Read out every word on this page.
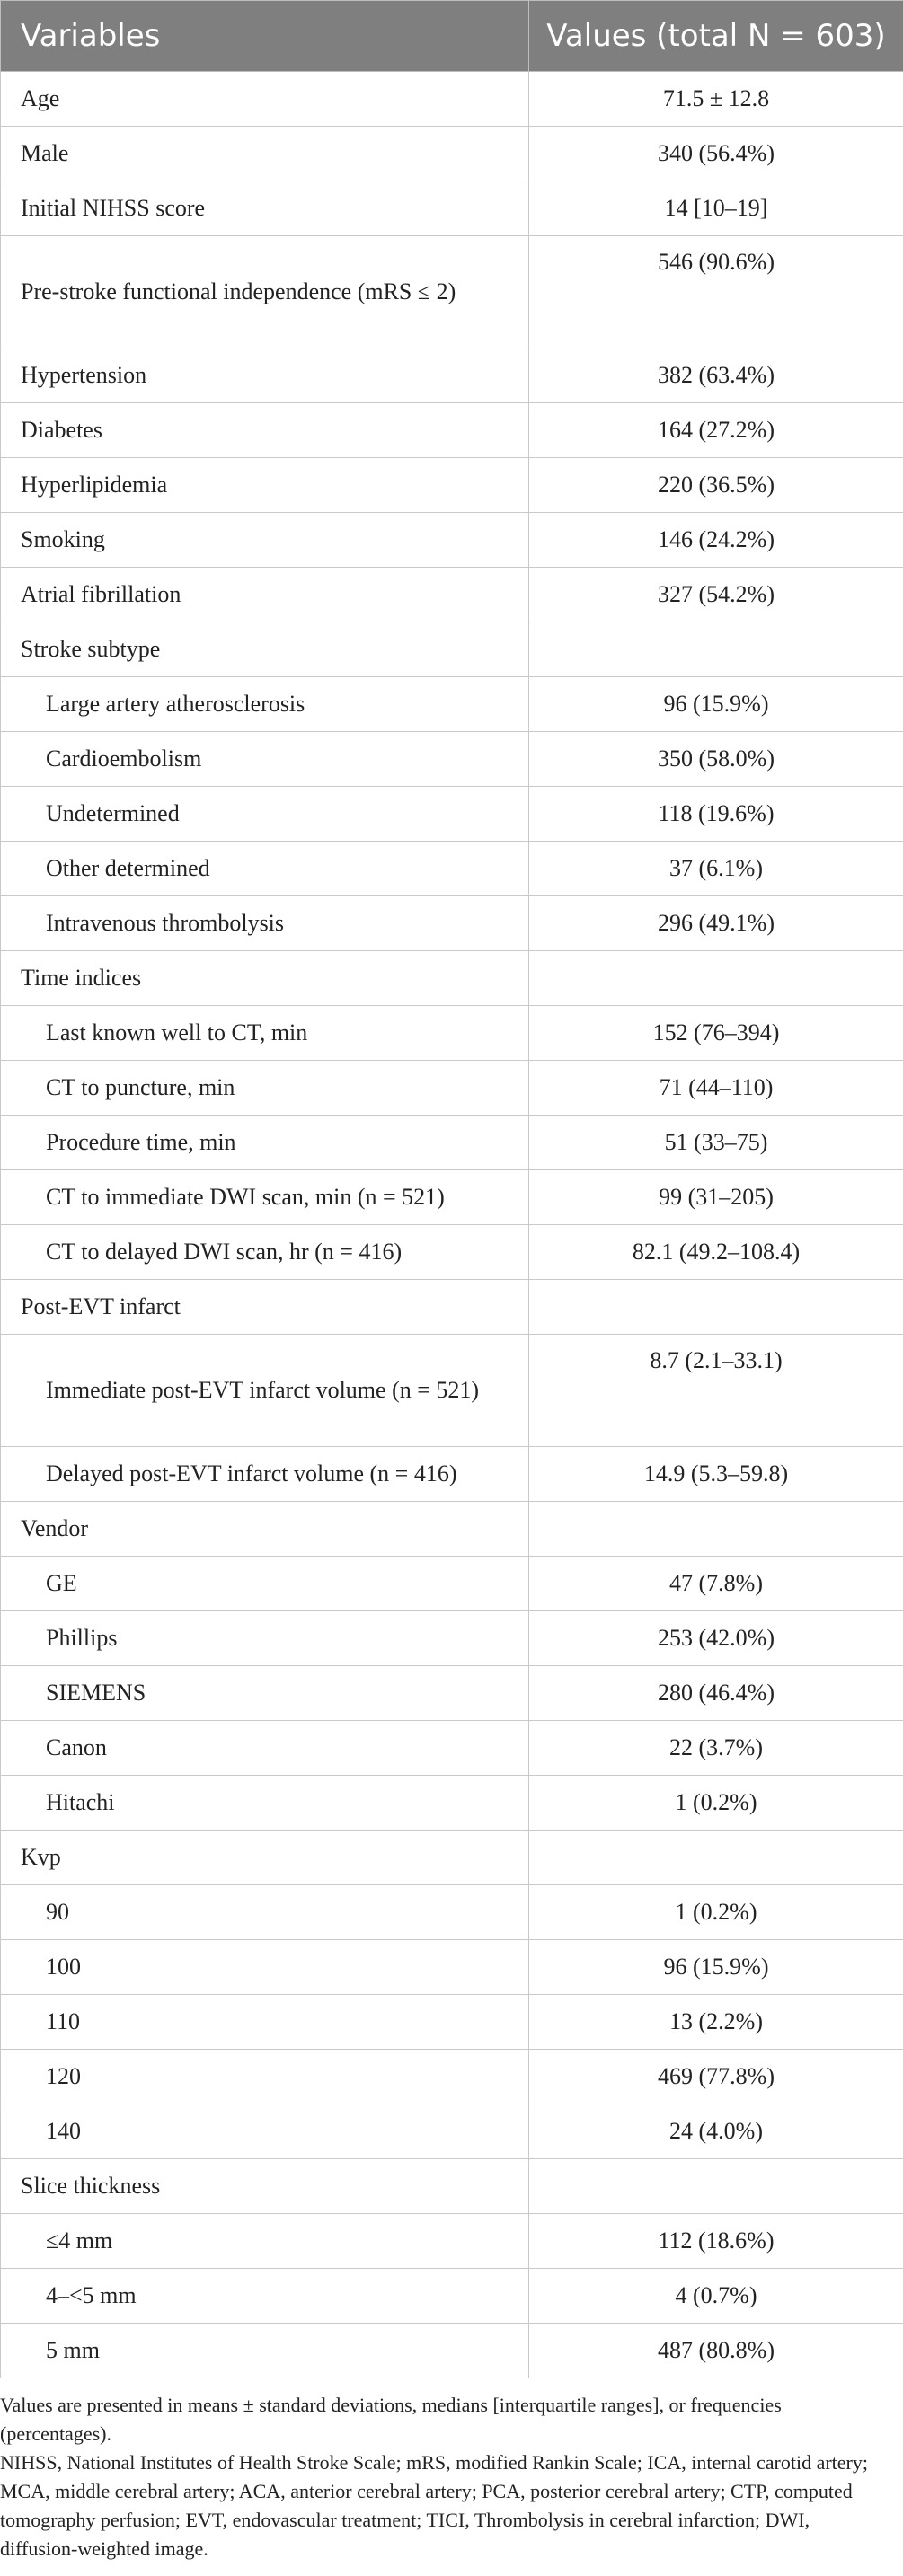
Variables	Values (total N = 603)
Age	71.5 ± 12.8
Male	340 (56.4%)
Initial NIHSS score	14 [10–19]
Pre-stroke functional independence (mRS ≤ 2)	546 (90.6%)
Hypertension	382 (63.4%)
Diabetes	164 (27.2%)
Hyperlipidemia	220 (36.5%)
Smoking	146 (24.2%)
Atrial fibrillation	327 (54.2%)
Stroke subtype	
Large artery atherosclerosis	96 (15.9%)
Cardioembolism	350 (58.0%)
Undetermined	118 (19.6%)
Other determined	37 (6.1%)
Intravenous thrombolysis	296 (49.1%)
Time indices	
Last known well to CT, min	152 (76–394)
CT to puncture, min	71 (44–110)
Procedure time, min	51 (33–75)
CT to immediate DWI scan, min (n = 521)	99 (31–205)
CT to delayed DWI scan, hr (n = 416)	82.1 (49.2–108.4)
Post-EVT infarct	
Immediate post-EVT infarct volume (n = 521)	8.7 (2.1–33.1)
Delayed post-EVT infarct volume (n = 416)	14.9 (5.3–59.8)
Vendor	
GE	47 (7.8%)
Phillips	253 (42.0%)
SIEMENS	280 (46.4%)
Canon	22 (3.7%)
Hitachi	1 (0.2%)
Kvp	
90	1 (0.2%)
100	96 (15.9%)
110	13 (2.2%)
120	469 (77.8%)
140	24 (4.0%)
Slice thickness	
≤4 mm	112 (18.6%)
4–<5 mm	4 (0.7%)
5 mm	487 (80.8%)

Values are presented in means ± standard deviations, medians [interquartile ranges], or frequencies (percentages).

NIHSS, National Institutes of Health Stroke Scale; mRS, modified Rankin Scale; ICA, internal carotid artery; MCA, middle cerebral artery; ACA, anterior cerebral artery; PCA, posterior cerebral artery; CTP, computed tomography perfusion; EVT, endovascular treatment; TICI, Thrombolysis in cerebral infarction; DWI, diffusion-weighted image.
